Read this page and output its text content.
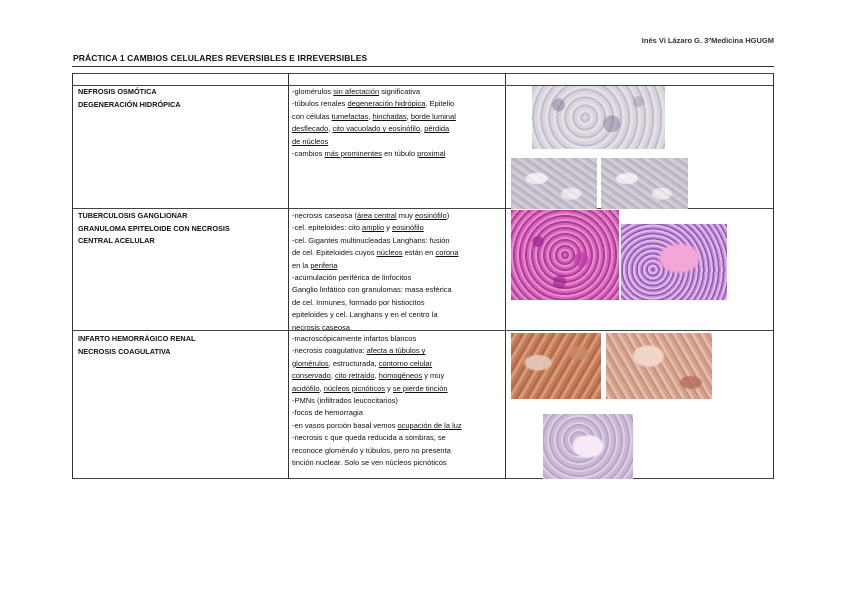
Inés Vi Lázaro G. 3ºMedicina HGUGM
PRÁCTICA 1 CAMBIOS CELULARES REVERSIBLES E IRREVERSIBLES
NEFROSIS OSMÓTICA
DEGENERACIÓN HIDRÓPICA
TUBERCULOSIS GANGLIONAR
GRANULOMA EPITELOIDE CON NECROSIS
CENTRAL ACELULAR
INFARTO HEMORRÁGICO RENAL
NECROSIS COAGULATIVA
-glomérulos sin afectación significativa
-túbulos renales degeneración hidrópica. Epitelio
con células tumefactas, hinchadas, borde luminal
desflecado, cito vacuolado y eosinófilo, pérdida
de núcleos
-cambios más prominentes en túbulo proximal
-necrosis caseosa (área central muy eosinófilo)
-cel. epiteloides: cito amplio y eosinófilo
-cel. Gigantes multinucleadas Langhans: fusión
de cel. Epiteloides cuyos núcleos están en corona
en la periferia
-acumulación periférica de linfocitos
Ganglio linfático con granulomas: masa esférica
de cel. Inmunes, formado por histiocitos
epiteloides y cel. Langhans y en el centro la
necrosis caseosa
-macroscópicamente infartos blancos
-necrosis coagulativa: afecta a túbulos y
glomérulos, estructurada, contorno celular
conservado, cito retraído, homogéneos y muy
acidófilo, núcleos picnóticos y se pierde tinción
-PMNs (infiltrados leucocitarios)
-focos de hemorragia
-en vasos porción basal vemos ocupación de la luz
-necrosis c que queda reducida a sombras, se
reconoce glomérulo y túbulos, pero no presenta
tinción nuclear. Solo se ven núcleos picnóticos
